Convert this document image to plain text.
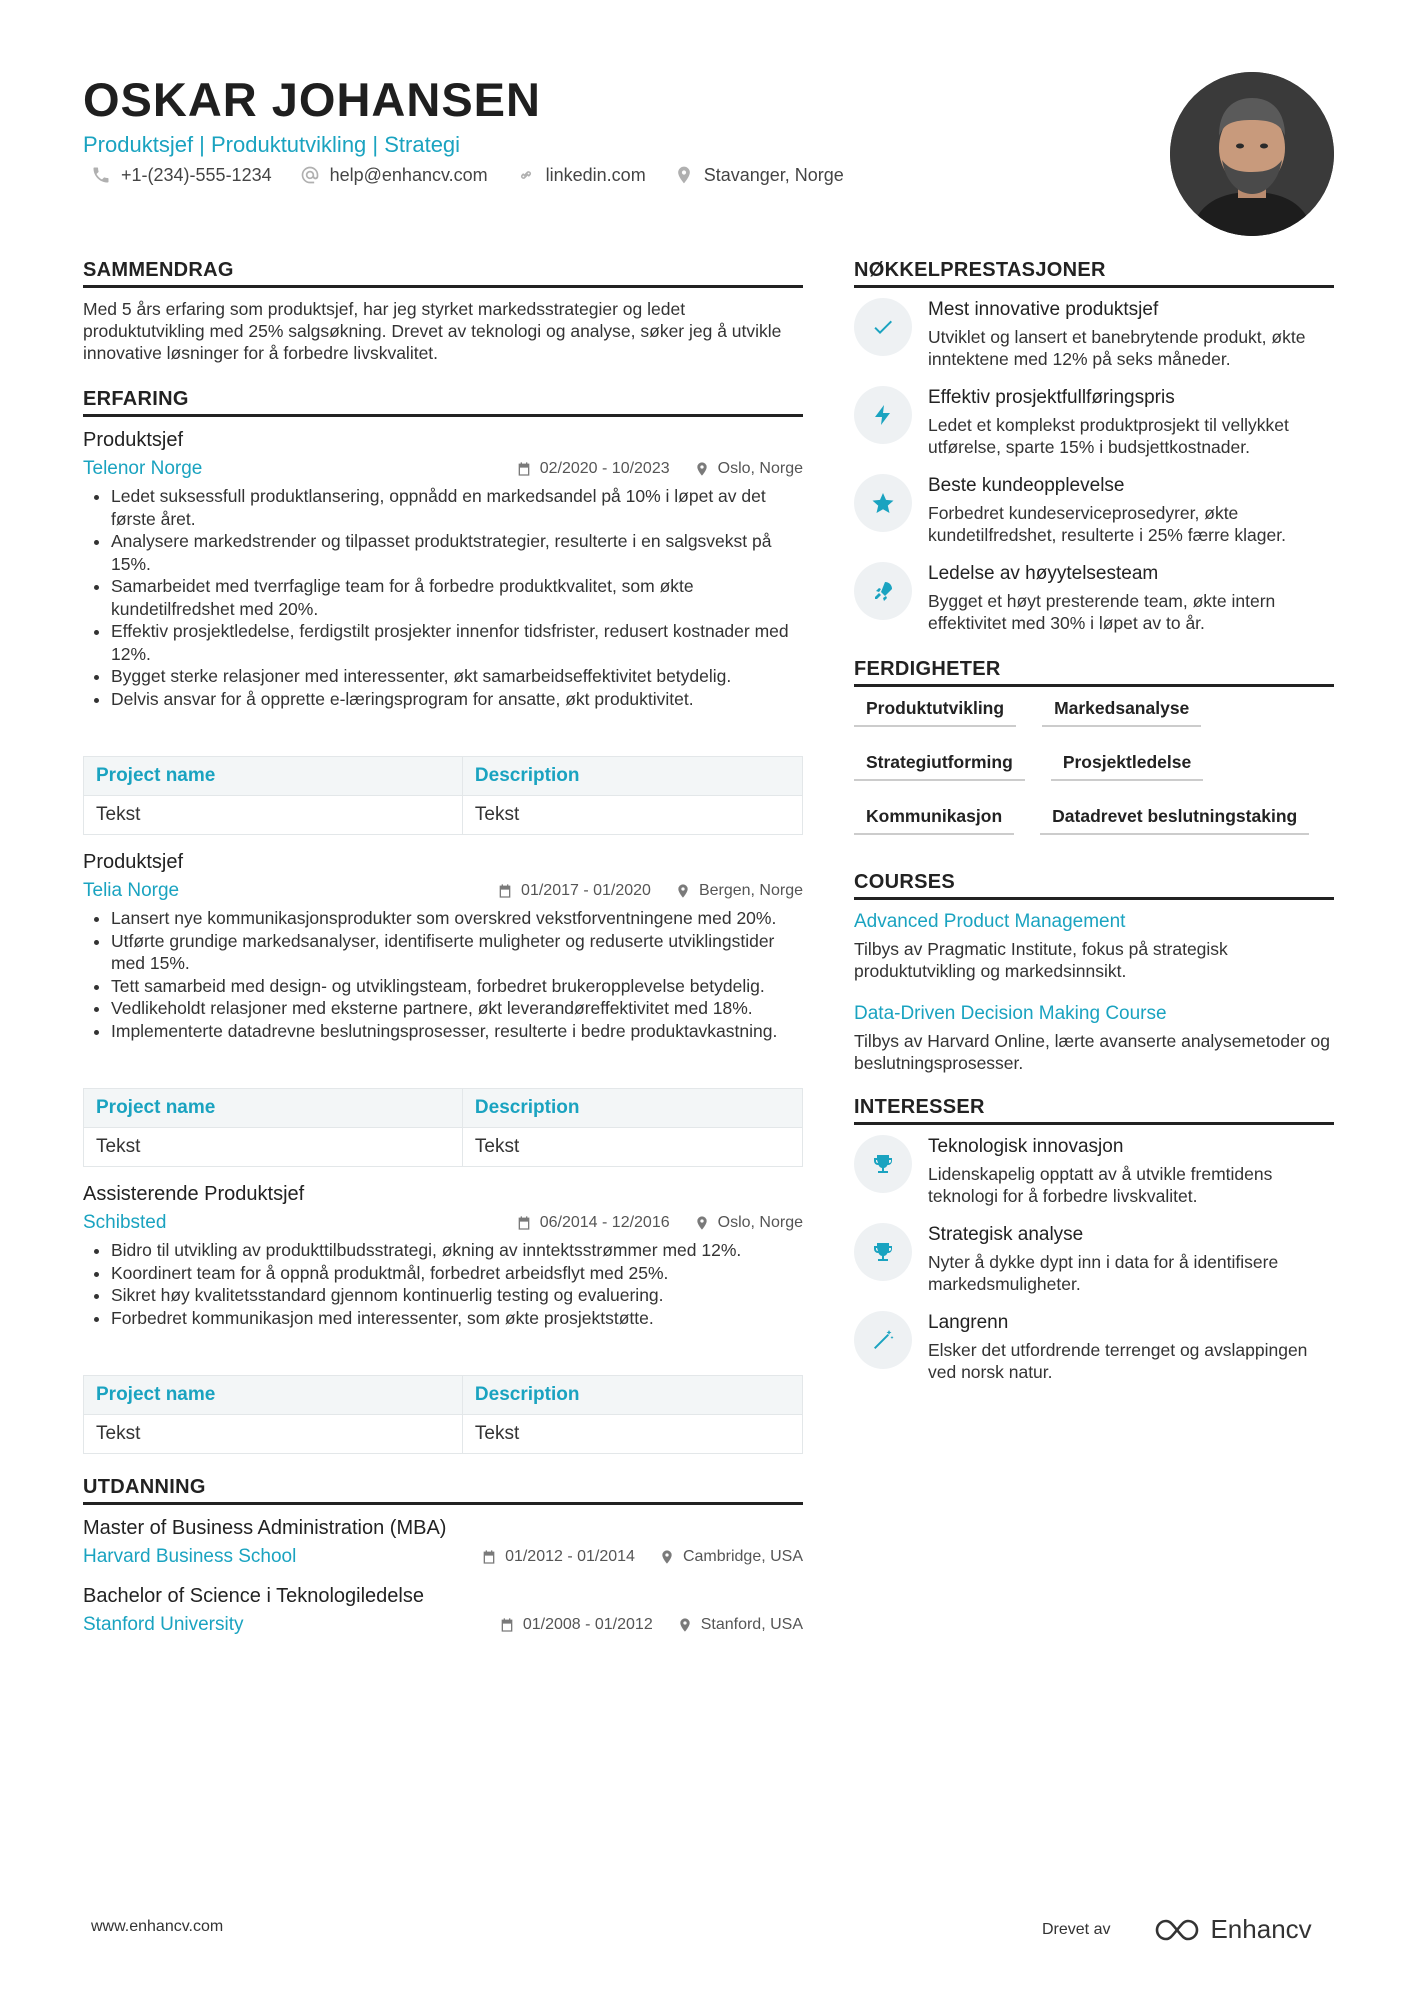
OSKAR JOHANSEN
Produktsjef | Produktutvikling | Strategi
+1-(234)-555-1234	help@enhancv.com	linkedin.com	Stavanger, Norge
SAMMENDRAG

Med 5 års erfaring som produktsjef, har jeg styrket markedsstrategier og ledet produktutvikling med 25% salgsøkning. Drevet av teknologi og analyse, søker jeg å utvikle innovative løsninger for å forbedre livskvalitet.

ERFARING
Produktsjef
Telenor Norge	02/2020 - 10/2023	Oslo, Norge
• Ledet suksessfull produktlansering, oppnådd en markedsandel på 10% i løpet av det første året.
• Analysere markedstrender og tilpasset produktstrategier, resulterte i en salgsvekst på 15%.
• Samarbeidet med tverrfaglige team for å forbedre produktkvalitet, som økte kundetilfredshet med 20%.
• Effektiv prosjektledelse, ferdigstilt prosjekter innenfor tidsfrister, redusert kostnader med 12%.
• Bygget sterke relasjoner med interessenter, økt samarbeidseffektivitet betydelig.
• Delvis ansvar for å opprette e-læringsprogram for ansatte, økt produktivitet.
Project name	Description
Tekst	Tekst
Produktsjef
Telia Norge	01/2017 - 01/2020	Bergen, Norge
• Lansert nye kommunikasjonsprodukter som overskred vekstforventningene med 20%.
• Utførte grundige markedsanalyser, identifiserte muligheter og reduserte utviklingstider med 15%.
• Tett samarbeid med design- og utviklingsteam, forbedret brukeropplevelse betydelig.
• Vedlikeholdt relasjoner med eksterne partnere, økt leverandøreffektivitet med 18%.
• Implementerte datadrevne beslutningsprosesser, resulterte i bedre produktavkastning.
Project name	Description
Tekst	Tekst
Assisterende Produktsjef
Schibsted	06/2014 - 12/2016	Oslo, Norge
• Bidro til utvikling av produkttilbudsstrategi, økning av inntektsstrømmer med 12%.
• Koordinert team for å oppnå produktmål, forbedret arbeidsflyt med 25%.
• Sikret høy kvalitetsstandard gjennom kontinuerlig testing og evaluering.
• Forbedret kommunikasjon med interessenter, som økte prosjektstøtte.
Project name	Description
Tekst	Tekst
UTDANNING
Master of Business Administration (MBA)
Harvard Business School	01/2012 - 01/2014	Cambridge, USA
Bachelor of Science i Teknologiledelse
Stanford University	01/2008 - 01/2012	Stanford, USA
NØKKELPRESTASJONER
Mest innovative produktsjef
Utviklet og lansert et banebrytende produkt, økte inntektene med 12% på seks måneder.
Effektiv prosjektfullføringspris
Ledet et komplekst produktprosjekt til vellykket utførelse, sparte 15% i budsjettkostnader.
Beste kundeopplevelse
Forbedret kundeserviceprosedyrer, økte kundetilfredshet, resulterte i 25% færre klager.
Ledelse av høyytelsesteam
Bygget et høyt presterende team, økte intern effektivitet med 30% i løpet av to år.
FERDIGHETER
Produktutvikling	Markedsanalyse
Strategiutforming	Prosjektledelse
Kommunikasjon	Datadrevet beslutningstaking
COURSES
Advanced Product Management
Tilbys av Pragmatic Institute, fokus på strategisk produktutvikling og markedsinnsikt.
Data-Driven Decision Making Course
Tilbys av Harvard Online, lærte avanserte analysemetoder og beslutningsprosesser.
INTERESSER
Teknologisk innovasjon
Lidenskapelig opptatt av å utvikle fremtidens teknologi for å forbedre livskvalitet.
Strategisk analyse
Nyter å dykke dypt inn i data for å identifisere markedsmuligheter.
Langrenn
Elsker det utfordrende terrenget og avslappingen ved norsk natur.
www.enhancv.com	Drevet av	Enhancv
